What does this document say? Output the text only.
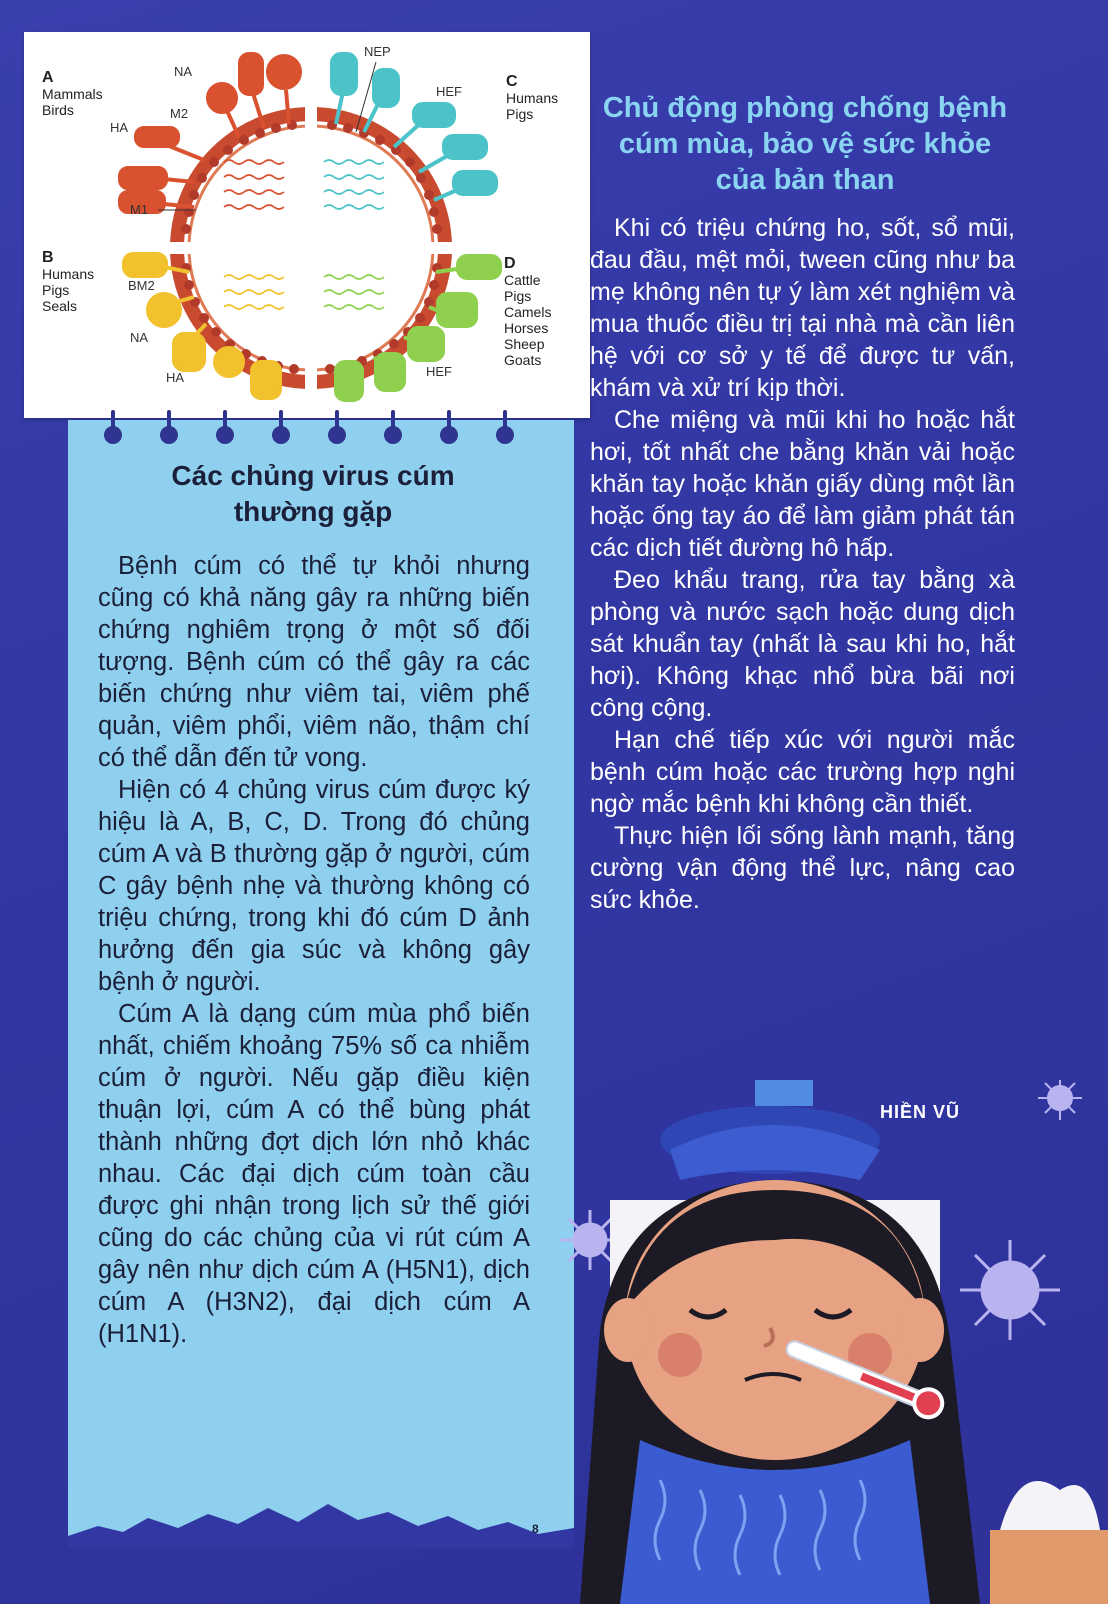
A
Mammals
Birds
B
Humans
Pigs
Seals
C
Humans
Pigs
D
Cattle
Pigs
Camels
Horses
Sheep
Goats
NA
M2
HA
M1
BM2
NA
HA
NEP
HEF
HEF
Các chủng virus cúm thường gặp

Bệnh cúm có thể tự khỏi nhưng cũng có khả năng gây ra những biến chứng nghiêm trọng ở một số đối tượng. Bệnh cúm có thể gây ra các biến chứng như viêm tai, viêm phế quản, viêm phổi, viêm não, thậm chí có thể dẫn đến tử vong.

Hiện có 4 chủng virus cúm được ký hiệu là A, B, C, D. Trong đó chủng cúm A và B thường gặp ở người, cúm C gây bệnh nhẹ và thường không có triệu chứng, trong khi đó cúm D ảnh hưởng đến gia súc và không gây bệnh ở người.

Cúm A là dạng cúm mùa phổ biến nhất, chiếm khoảng 75% số ca nhiễm cúm ở người. Nếu gặp điều kiện thuận lợi, cúm A có thể bùng phát thành những đợt dịch lớn nhỏ khác nhau. Các đại dịch cúm toàn cầu được ghi nhận trong lịch sử thế giới cũng do các chủng của vi rút cúm A gây nên như dịch cúm A (H5N1), dịch cúm A (H3N2), đại dịch cúm A (H1N1).

8
Chủ động phòng chống bệnh cúm mùa, bảo vệ sức khỏe của bản than

Khi có triệu chứng ho, sốt, sổ mũi, đau đầu, mệt mỏi, tween cũng như ba mẹ không nên tự ý làm xét nghiệm và mua thuốc điều trị tại nhà mà cần liên hệ với cơ sở y tế để được tư vấn, khám và xử trí kịp thời.

Che miệng và mũi khi ho hoặc hắt hơi, tốt nhất che bằng khăn vải hoặc khăn tay hoặc khăn giấy dùng một lần hoặc ống tay áo để làm giảm phát tán các dịch tiết đường hô hấp.

Đeo khẩu trang, rửa tay bằng xà phòng và nước sạch hoặc dung dịch sát khuẩn tay (nhất là sau khi ho, hắt hơi). Không khạc nhổ bừa bãi nơi công cộng.

Hạn chế tiếp xúc với người mắc bệnh cúm hoặc các trường hợp nghi ngờ mắc bệnh khi không cần thiết.

Thực hiện lối sống lành mạnh, tăng cường vận động thể lực, nâng cao sức khỏe.

HIỀN VŨ
